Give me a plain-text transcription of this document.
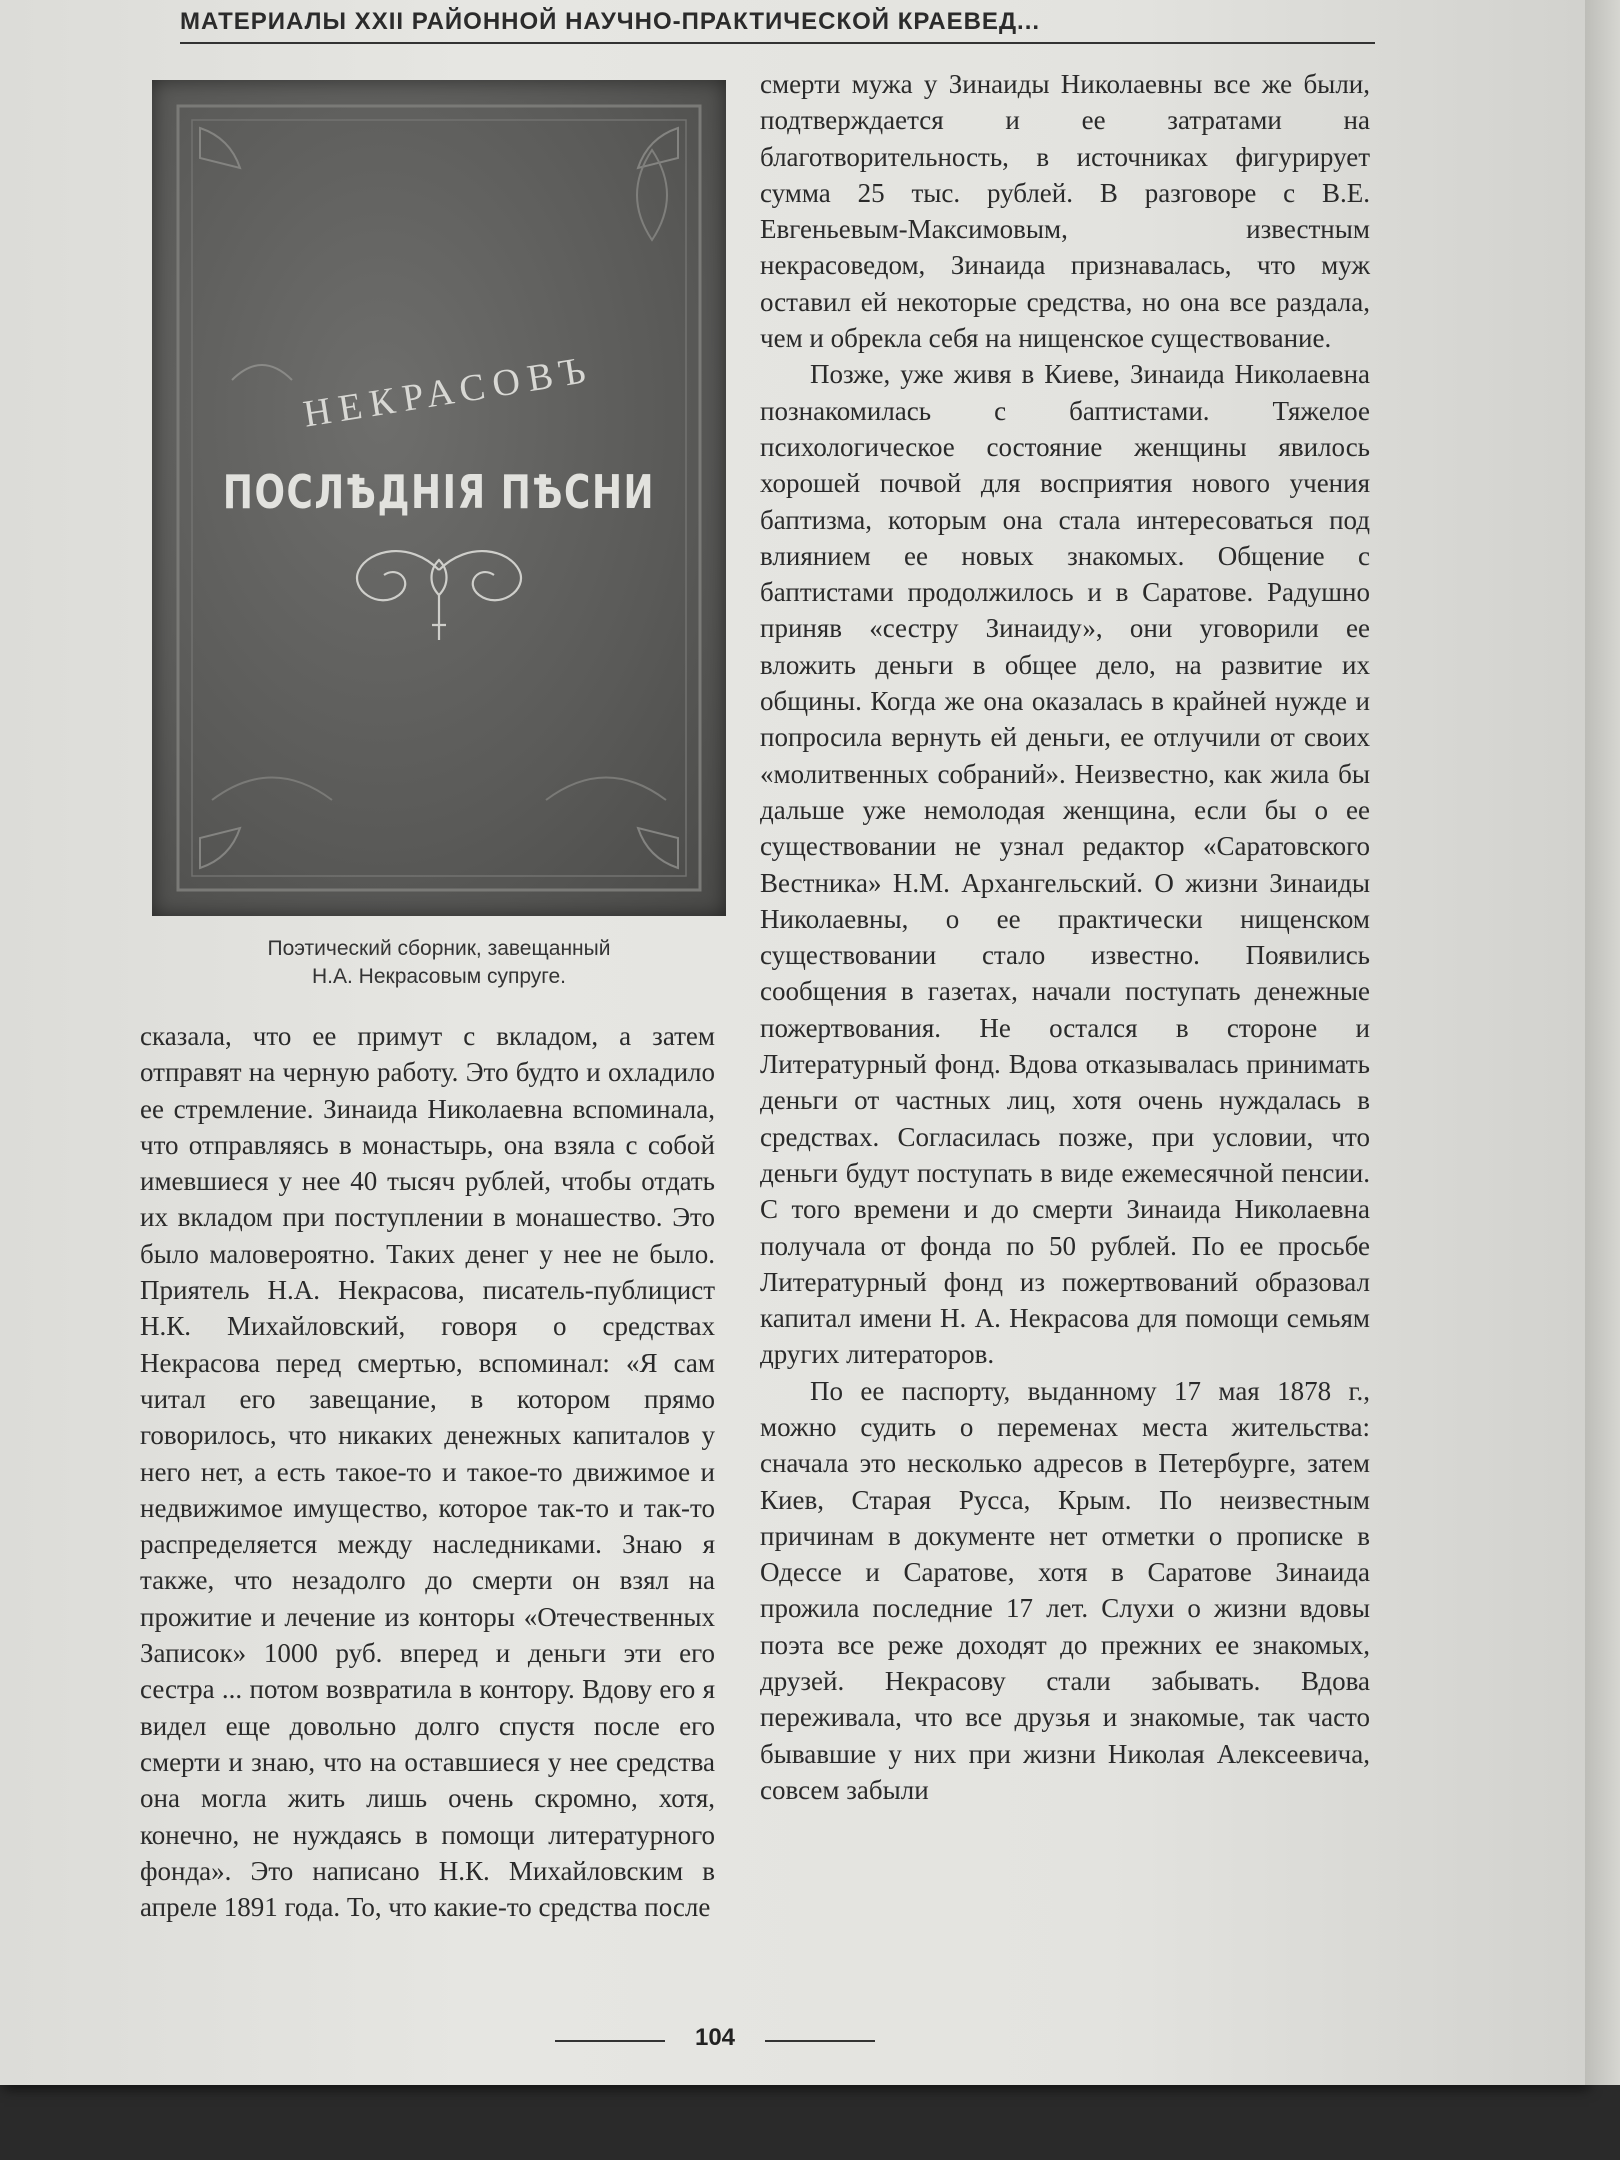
МАТЕРИАЛЫ XXII РАЙОННОЙ НАУЧНО-ПРАКТИЧЕСКОЙ КРАЕВЕД...
НЕКРАСОВЪ
ПОСЛѢДНІЯ ПѢСНИ
Поэтический сборник, завещанный
Н.А. Некрасовым супруге.

сказала, что ее примут с вкладом, а затем отправят на черную работу. Это будто и охладило ее стремление. Зинаида Николаевна вспоминала, что отправляясь в монастырь, она взяла с собой имевшиеся у нее 40 тысяч рублей, чтобы отдать их вкладом при поступлении в монашество. Это было маловероятно. Таких денег у нее не было. Приятель Н.А. Некрасова, писатель-публицист Н.К. Михайловский, говоря о средствах Некрасова перед смертью, вспоминал: «Я сам читал его завещание, в котором прямо говорилось, что никаких денежных капиталов у него нет, а есть такое-то и такое-то движимое и недвижимое имущество, которое так-то и так-то распределяется между наследниками. Знаю я также, что незадолго до смерти он взял на прожитие и лечение из конторы «Отечественных Записок» 1000 руб. вперед и деньги эти его сестра ... потом возвратила в контору. Вдову его я видел еще довольно долго спустя после его смерти и знаю, что на оставшиеся у нее средства она могла жить лишь очень скромно, хотя, конечно, не нуждаясь в помощи литературного фонда». Это написано Н.К. Михайловским в апреле 1891 года. То, что какие-то средства после

смерти мужа у Зинаиды Николаевны все же были, подтверждается и ее затратами на благотворительность, в источниках фигурирует сумма 25 тыс. рублей. В разговоре с В.Е. Евгеньевым-Максимовым, известным некрасоведом, Зинаида признавалась, что муж оставил ей некоторые средства, но она все раздала, чем и обрекла себя на нищенское существование.

Позже, уже живя в Киеве, Зинаида Николаевна познакомилась с баптистами. Тяжелое психологическое состояние женщины явилось хорошей почвой для восприятия нового учения баптизма, которым она стала интересоваться под влиянием ее новых знакомых. Общение с баптистами продолжилось и в Саратове. Радушно приняв «сестру Зинаиду», они уговорили ее вложить деньги в общее дело, на развитие их общины. Когда же она оказалась в крайней нужде и попросила вернуть ей деньги, ее отлучили от своих «молитвенных собраний». Неизвестно, как жила бы дальше уже немолодая женщина, если бы о ее существовании не узнал редактор «Саратовского Вестника» Н.М. Архангельский. О жизни Зинаиды Николаевны, о ее практически нищенском существовании стало известно. Появились сообщения в газетах, начали поступать денежные пожертвования. Не остался в стороне и Литературный фонд. Вдова отказывалась принимать деньги от частных лиц, хотя очень нуждалась в средствах. Согласилась позже, при условии, что деньги будут поступать в виде ежемесячной пенсии. С того времени и до смерти Зинаида Николаевна получала от фонда по 50 рублей. По ее просьбе Литературный фонд из пожертвований образовал капитал имени Н. А. Некрасова для помощи семьям других литераторов.

По ее паспорту, выданному 17 мая 1878 г., можно судить о переменах места жительства: сначала это несколько адресов в Петербурге, затем Киев, Старая Русса, Крым. По неизвестным причинам в документе нет отметки о прописке в Одессе и Саратове, хотя в Саратове Зинаида прожила последние 17 лет. Слухи о жизни вдовы поэта все реже доходят до прежних ее знакомых, друзей. Некрасову стали забывать. Вдова переживала, что все друзья и знакомые, так часто бывавшие у них при жизни Николая Алексеевича, совсем забыли

104
